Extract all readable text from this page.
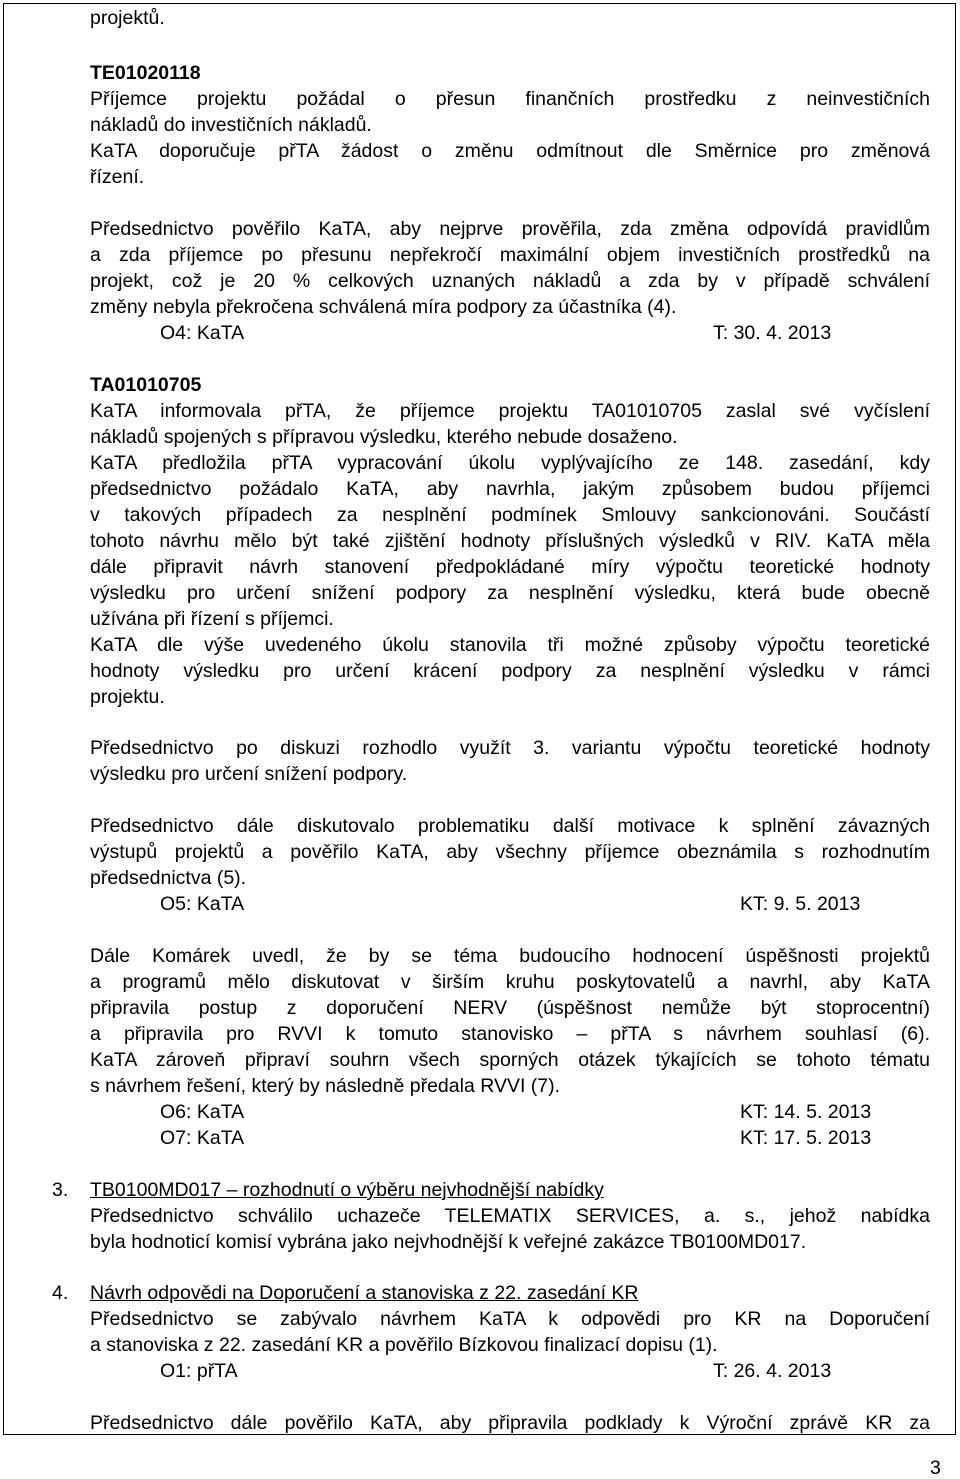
projektů.
TE01020118
Příjemce projektu požádal o přesun finančních prostředku z neinvestičních
nákladů do investičních nákladů.
KaTA doporučuje přTA žádost o změnu odmítnout dle Směrnice pro změnová
řízení.
Předsednictvo pověřilo KaTA, aby nejprve prověřila, zda změna odpovídá pravidlům
a zda příjemce po přesunu nepřekročí maximální objem investičních prostředků na
projekt, což je 20 % celkových uznaných nákladů a zda by v případě schválení
změny nebyla překročena schválená míra podpory za účastníka (4).
O4: KaTA	T: 30. 4. 2013
TA01010705
KaTA informovala přTA, že příjemce projektu TA01010705 zaslal své vyčíslení
nákladů spojených s přípravou výsledku, kterého nebude dosaženo.
KaTA předložila přTA vypracování úkolu vyplývajícího ze 148. zasedání, kdy
předsednictvo požádalo KaTA, aby navrhla, jakým způsobem budou příjemci
v takových případech za nesplnění podmínek Smlouvy sankcionováni. Součástí
tohoto návrhu mělo být také zjištění hodnoty příslušných výsledků v RIV. KaTA měla
dále připravit návrh stanovení předpokládané míry výpočtu teoretické hodnoty
výsledku pro určení snížení podpory za nesplnění výsledku, která bude obecně
užívána při řízení s příjemci.
KaTA dle výše uvedeného úkolu stanovila tři možné způsoby výpočtu teoretické
hodnoty výsledku pro určení krácení podpory za nesplnění výsledku v rámci
projektu.
Předsednictvo po diskuzi rozhodlo využít 3. variantu výpočtu teoretické hodnoty
výsledku pro určení snížení podpory.
Předsednictvo dále diskutovalo problematiku další motivace k splnění závazných
výstupů projektů a pověřilo KaTA, aby všechny příjemce obeznámila s rozhodnutím
předsednictva (5).
O5: KaTA	KT: 9. 5. 2013
Dále Komárek uvedl, že by se téma budoucího hodnocení úspěšnosti projektů
a programů mělo diskutovat v širším kruhu poskytovatelů a navrhl, aby KaTA
připravila postup z doporučení NERV (úspěšnost nemůže být stoprocentní)
a připravila pro RVVI k tomuto stanovisko – přTA s návrhem souhlasí (6).
KaTA zároveň připraví souhrn všech sporných otázek týkajících se tohoto tématu
s návrhem řešení, který by následně předala RVVI (7).
O6: KaTA	KT: 14. 5. 2013
O7: KaTA	KT: 17. 5. 2013
3. TB0100MD017 – rozhodnutí o výběru nejvhodnější nabídky
Předsednictvo schválilo uchazeče TELEMATIX SERVICES, a. s., jehož nabídka
byla hodnoticí komisí vybrána jako nejvhodnější k veřejné zakázce TB0100MD017.
4. Návrh odpovědi na Doporučení a stanoviska z 22. zasedání KR
Předsednictvo se zabývalo návrhem KaTA k odpovědi pro KR na Doporučení
a stanoviska z 22. zasedání KR a pověřilo Bízkovou finalizací dopisu (1).
O1: přTA	T: 26. 4. 2013
Předsednictvo dále pověřilo KaTA, aby připravila podklady k Výroční zprávě KR za
3
